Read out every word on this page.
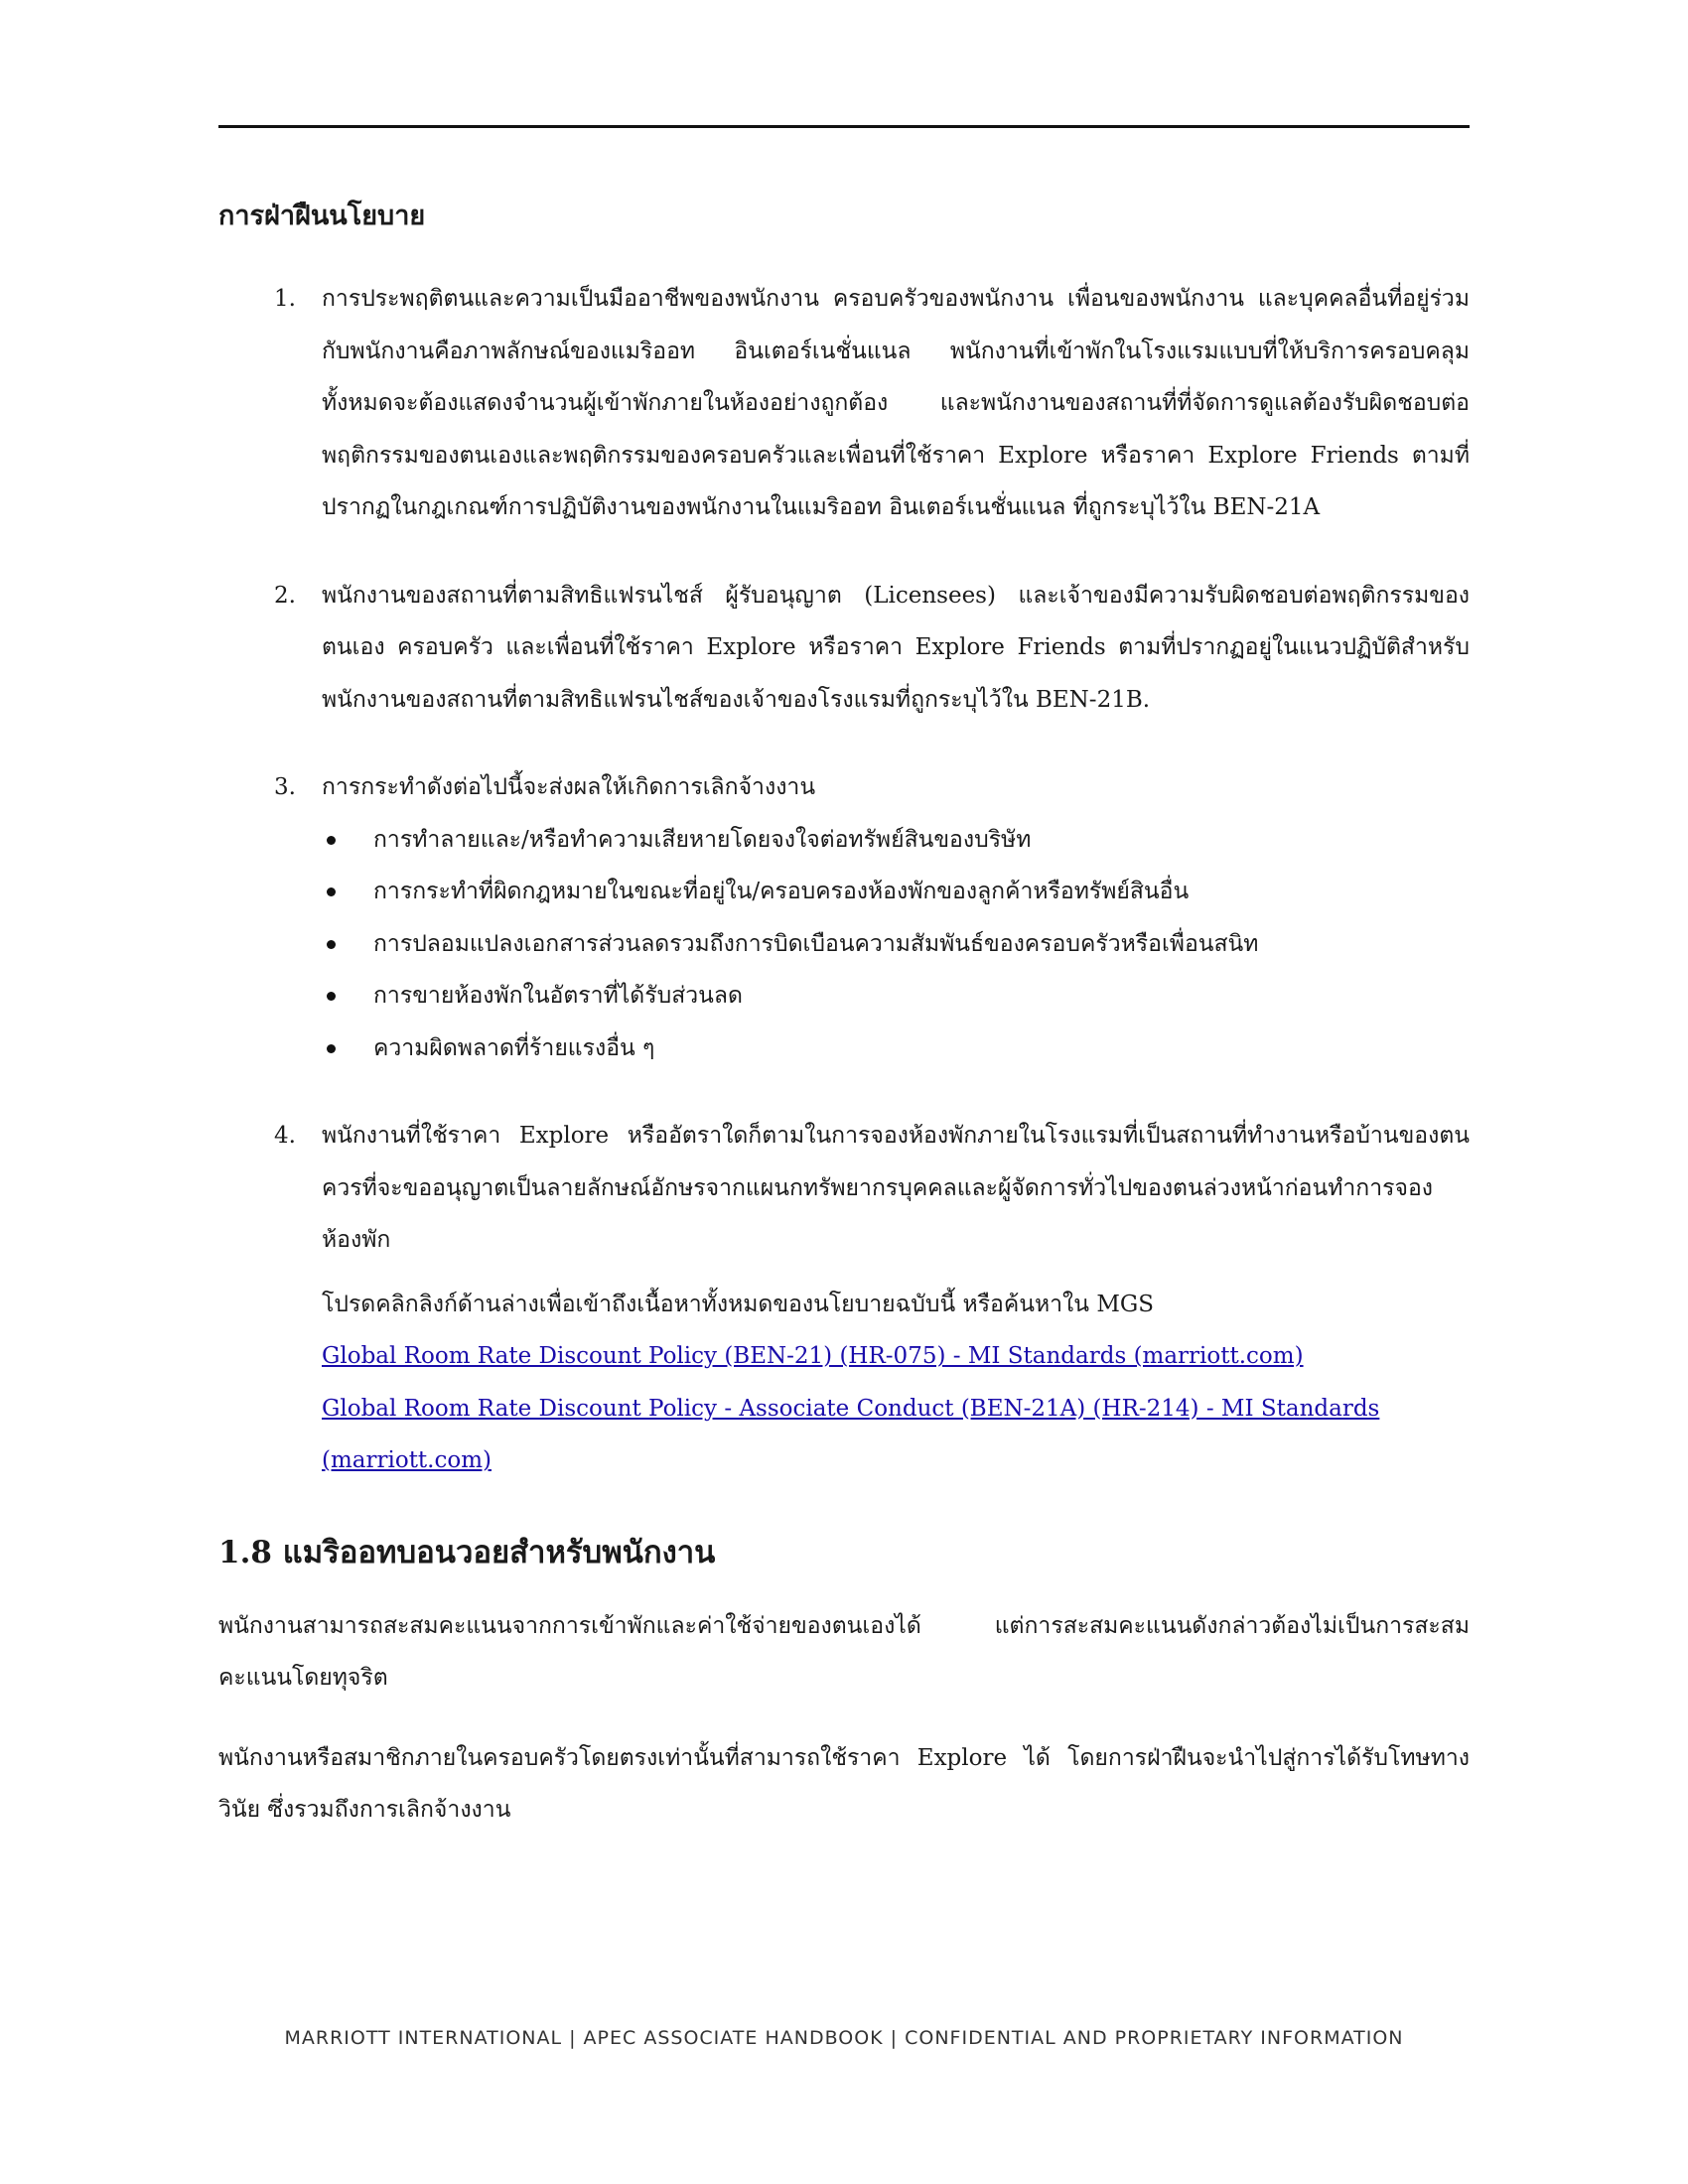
การฝ่าฝืนนโยบาย
1. การประพฤติตนและความเป็นมืออาชีพของพนักงาน ครอบครัวของพนักงาน เพื่อนของพนักงาน และบุคคลอื่นที่อยู่ร่วมกับพนักงานคือภาพลักษณ์ของแมริออท อินเตอร์เนชั่นแนล พนักงานที่เข้าพักในโรงแรมแบบที่ให้บริการครอบคลุมทั้งหมดจะต้องแสดงจำนวนผู้เข้าพักภายในห้องอย่างถูกต้อง และพนักงานของสถานที่ที่จัดการดูแลต้องรับผิดชอบต่อพฤติกรรมของตนเองและพฤติกรรมของครอบครัวและเพื่อนที่ใช้ราคา Explore หรือราคา Explore Friends ตามที่ปรากฏในกฎเกณฑ์การปฏิบัติงานของพนักงานในแมริออท อินเตอร์เนชั่นแนล ที่ถูกระบุไว้ใน BEN-21A
2. พนักงานของสถานที่ตามสิทธิแฟรนไชส์ ผู้รับอนุญาต (Licensees) และเจ้าของมีความรับผิดชอบต่อพฤติกรรมของตนเอง ครอบครัว และเพื่อนที่ใช้ราคา Explore หรือราคา Explore Friends ตามที่ปรากฏอยู่ในแนวปฏิบัติสำหรับพนักงานของสถานที่ตามสิทธิแฟรนไชส์ของเจ้าของโรงแรมที่ถูกระบุไว้ใน BEN-21B.
3. การกระทำดังต่อไปนี้จะส่งผลให้เกิดการเลิกจ้างงาน
การทำลายและ/หรือทำความเสียหายโดยจงใจต่อทรัพย์สินของบริษัท
การกระทำที่ผิดกฎหมายในขณะที่อยู่ใน/ครอบครองห้องพักของลูกค้าหรือทรัพย์สินอื่น
การปลอมแปลงเอกสารส่วนลดรวมถึงการบิดเบือนความสัมพันธ์ของครอบครัวหรือเพื่อนสนิท
การขายห้องพักในอัตราที่ได้รับส่วนลด
ความผิดพลาดที่ร้ายแรงอื่น ๆ
4. พนักงานที่ใช้ราคา Explore หรืออัตราใดก็ตามในการจองห้องพักภายในโรงแรมที่เป็นสถานที่ทำงานหรือบ้านของตนควรที่จะขออนุญาตเป็นลายลักษณ์อักษรจากแผนกทรัพยากรบุคคลและผู้จัดการทั่วไปของตนล่วงหน้าก่อนทำการจองห้องพัก
โปรดคลิกลิงก์ด้านล่างเพื่อเข้าถึงเนื้อหาทั้งหมดของนโยบายฉบับนี้ หรือค้นหาใน MGS
Global Room Rate Discount Policy (BEN-21) (HR-075) - MI Standards (marriott.com)
Global Room Rate Discount Policy - Associate Conduct (BEN-21A) (HR-214) - MI Standards (marriott.com)
1.8 แมริออทบอนวอยสำหรับพนักงาน

พนักงานสามารถสะสมคะแนนจากการเข้าพักและค่าใช้จ่ายของตนเองได้ แต่การสะสมคะแนนดังกล่าวต้องไม่เป็นการสะสมคะแนนโดยทุจริต

พนักงานหรือสมาชิกภายในครอบครัวโดยตรงเท่านั้นที่สามารถใช้ราคา Explore ได้ โดยการฝ่าฝืนจะนำไปสู่การได้รับโทษทางวินัย ซึ่งรวมถึงการเลิกจ้างงาน

MARRIOTT INTERNATIONAL | APEC ASSOCIATE HANDBOOK | CONFIDENTIAL AND PROPRIETARY INFORMATION
